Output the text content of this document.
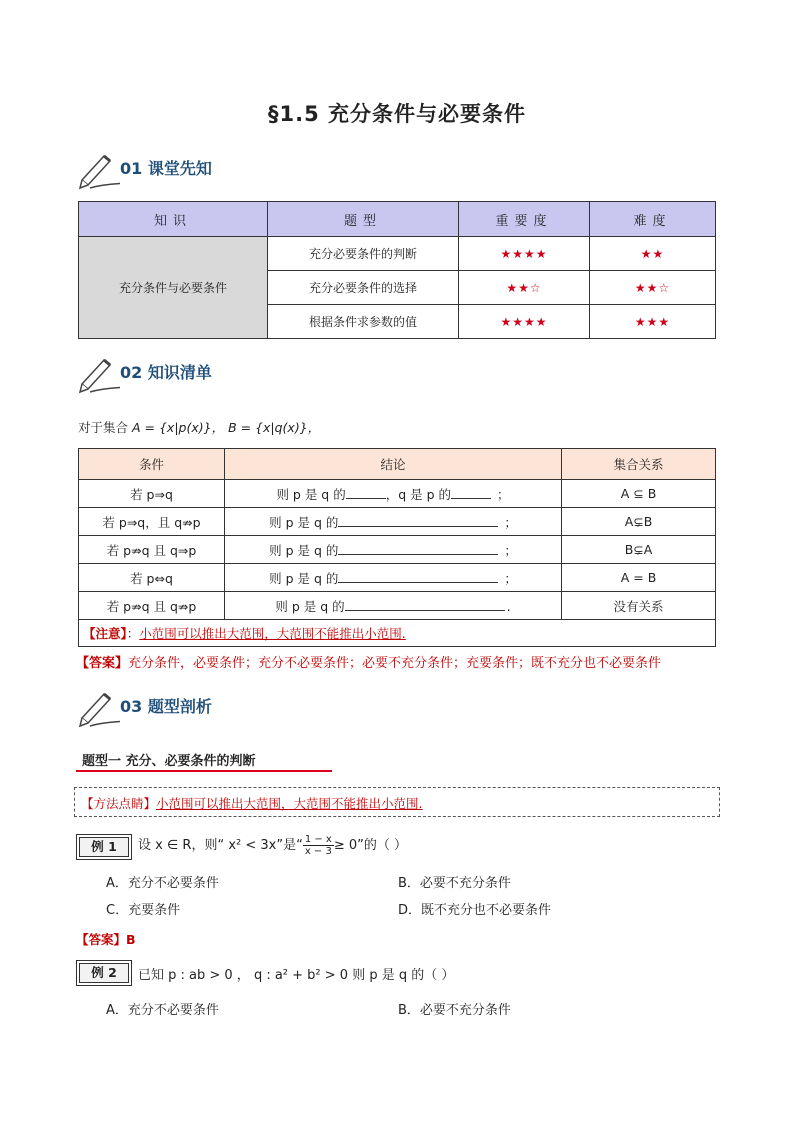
§1.5 充分条件与必要条件
01 课堂先知
知识	题型	重要度	难度
充分条件与必要条件	充分必要条件的判断	★★★★	★★
	充分必要条件的选择	★★☆	★★☆
	根据条件求参数的值	★★★★	★★★
02 知识清单
对于集合 A = {x|p(x)}， B = {x|q(x)}，
条件	结论	集合关系
若 p⇒q	则 p 是 q 的 ，q 是 p 的 ；	A ⊆ B
若 p⇒q，且 q⇏p	则 p 是 q 的 ；	A⊊B
若 p⇏q 且 q⇒p	则 p 是 q 的 ；	B⊊A
若 p⇔q	则 p 是 q 的 ；	A = B
若 p⇏q 且 q⇏p	则 p 是 q 的 .	没有关系
【注意】：小范围可以推出大范围，大范围不能推出小范围.		
【答案】充分条件，必要条件；充分不必要条件；必要不充分条件；充要条件；既不充分也不必要条件
03 题型剖析
题型一 充分、必要条件的判断
【方法点睛】小范围可以推出大范围，大范围不能推出小范围.
例 1	设 x ∈ R，则“ x² < 3x”是“ $\frac{1 - x}{x - 3} \ge 0$”的（ ）
A．充分不必要条件	B．必要不充分条件
C．充要条件	D．既不充分也不必要条件
【答案】B
例 2	已知 p : ab > 0 ， q : a² + b² > 0 则 p 是 q 的（ ）
A．充分不必要条件	B．必要不充分条件
